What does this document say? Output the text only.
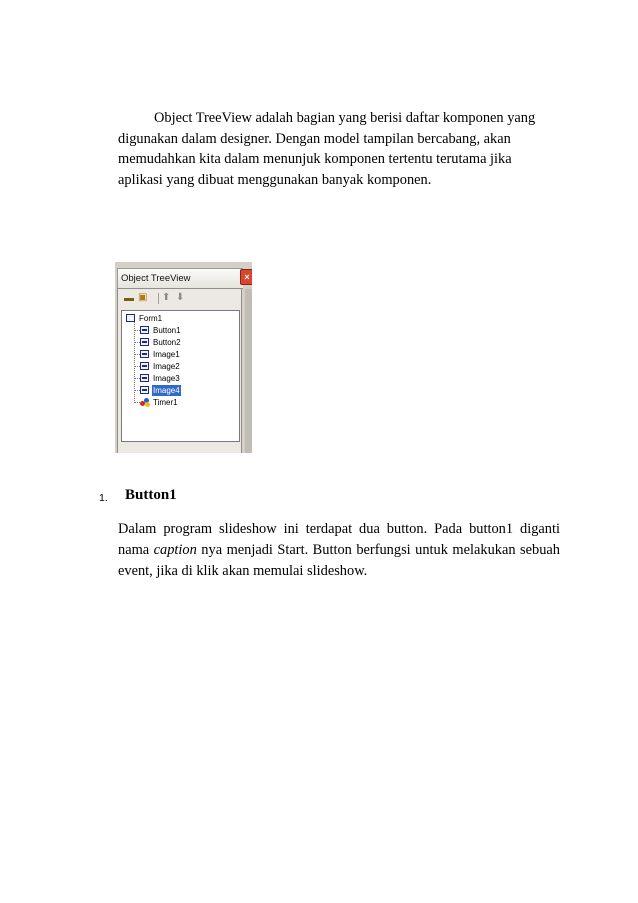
Object TreeView adalah bagian yang berisi daftar komponen yang digunakan dalam designer. Dengan model tampilan bercabang, akan memudahkan kita dalam menunjuk komponen tertentu terutama jika aplikasi yang dibuat menggunakan banyak komponen.

Object TreeView	×
▬ ▣ ⬆ ⬇
Form1
Button1
Button2
Image1
Image2
Image3
Image4
Timer1
1. Button1

Dalam program slideshow ini terdapat dua button. Pada button1 diganti nama caption nya menjadi Start. Button berfungsi untuk melakukan sebuah event, jika di klik akan memulai slideshow.
